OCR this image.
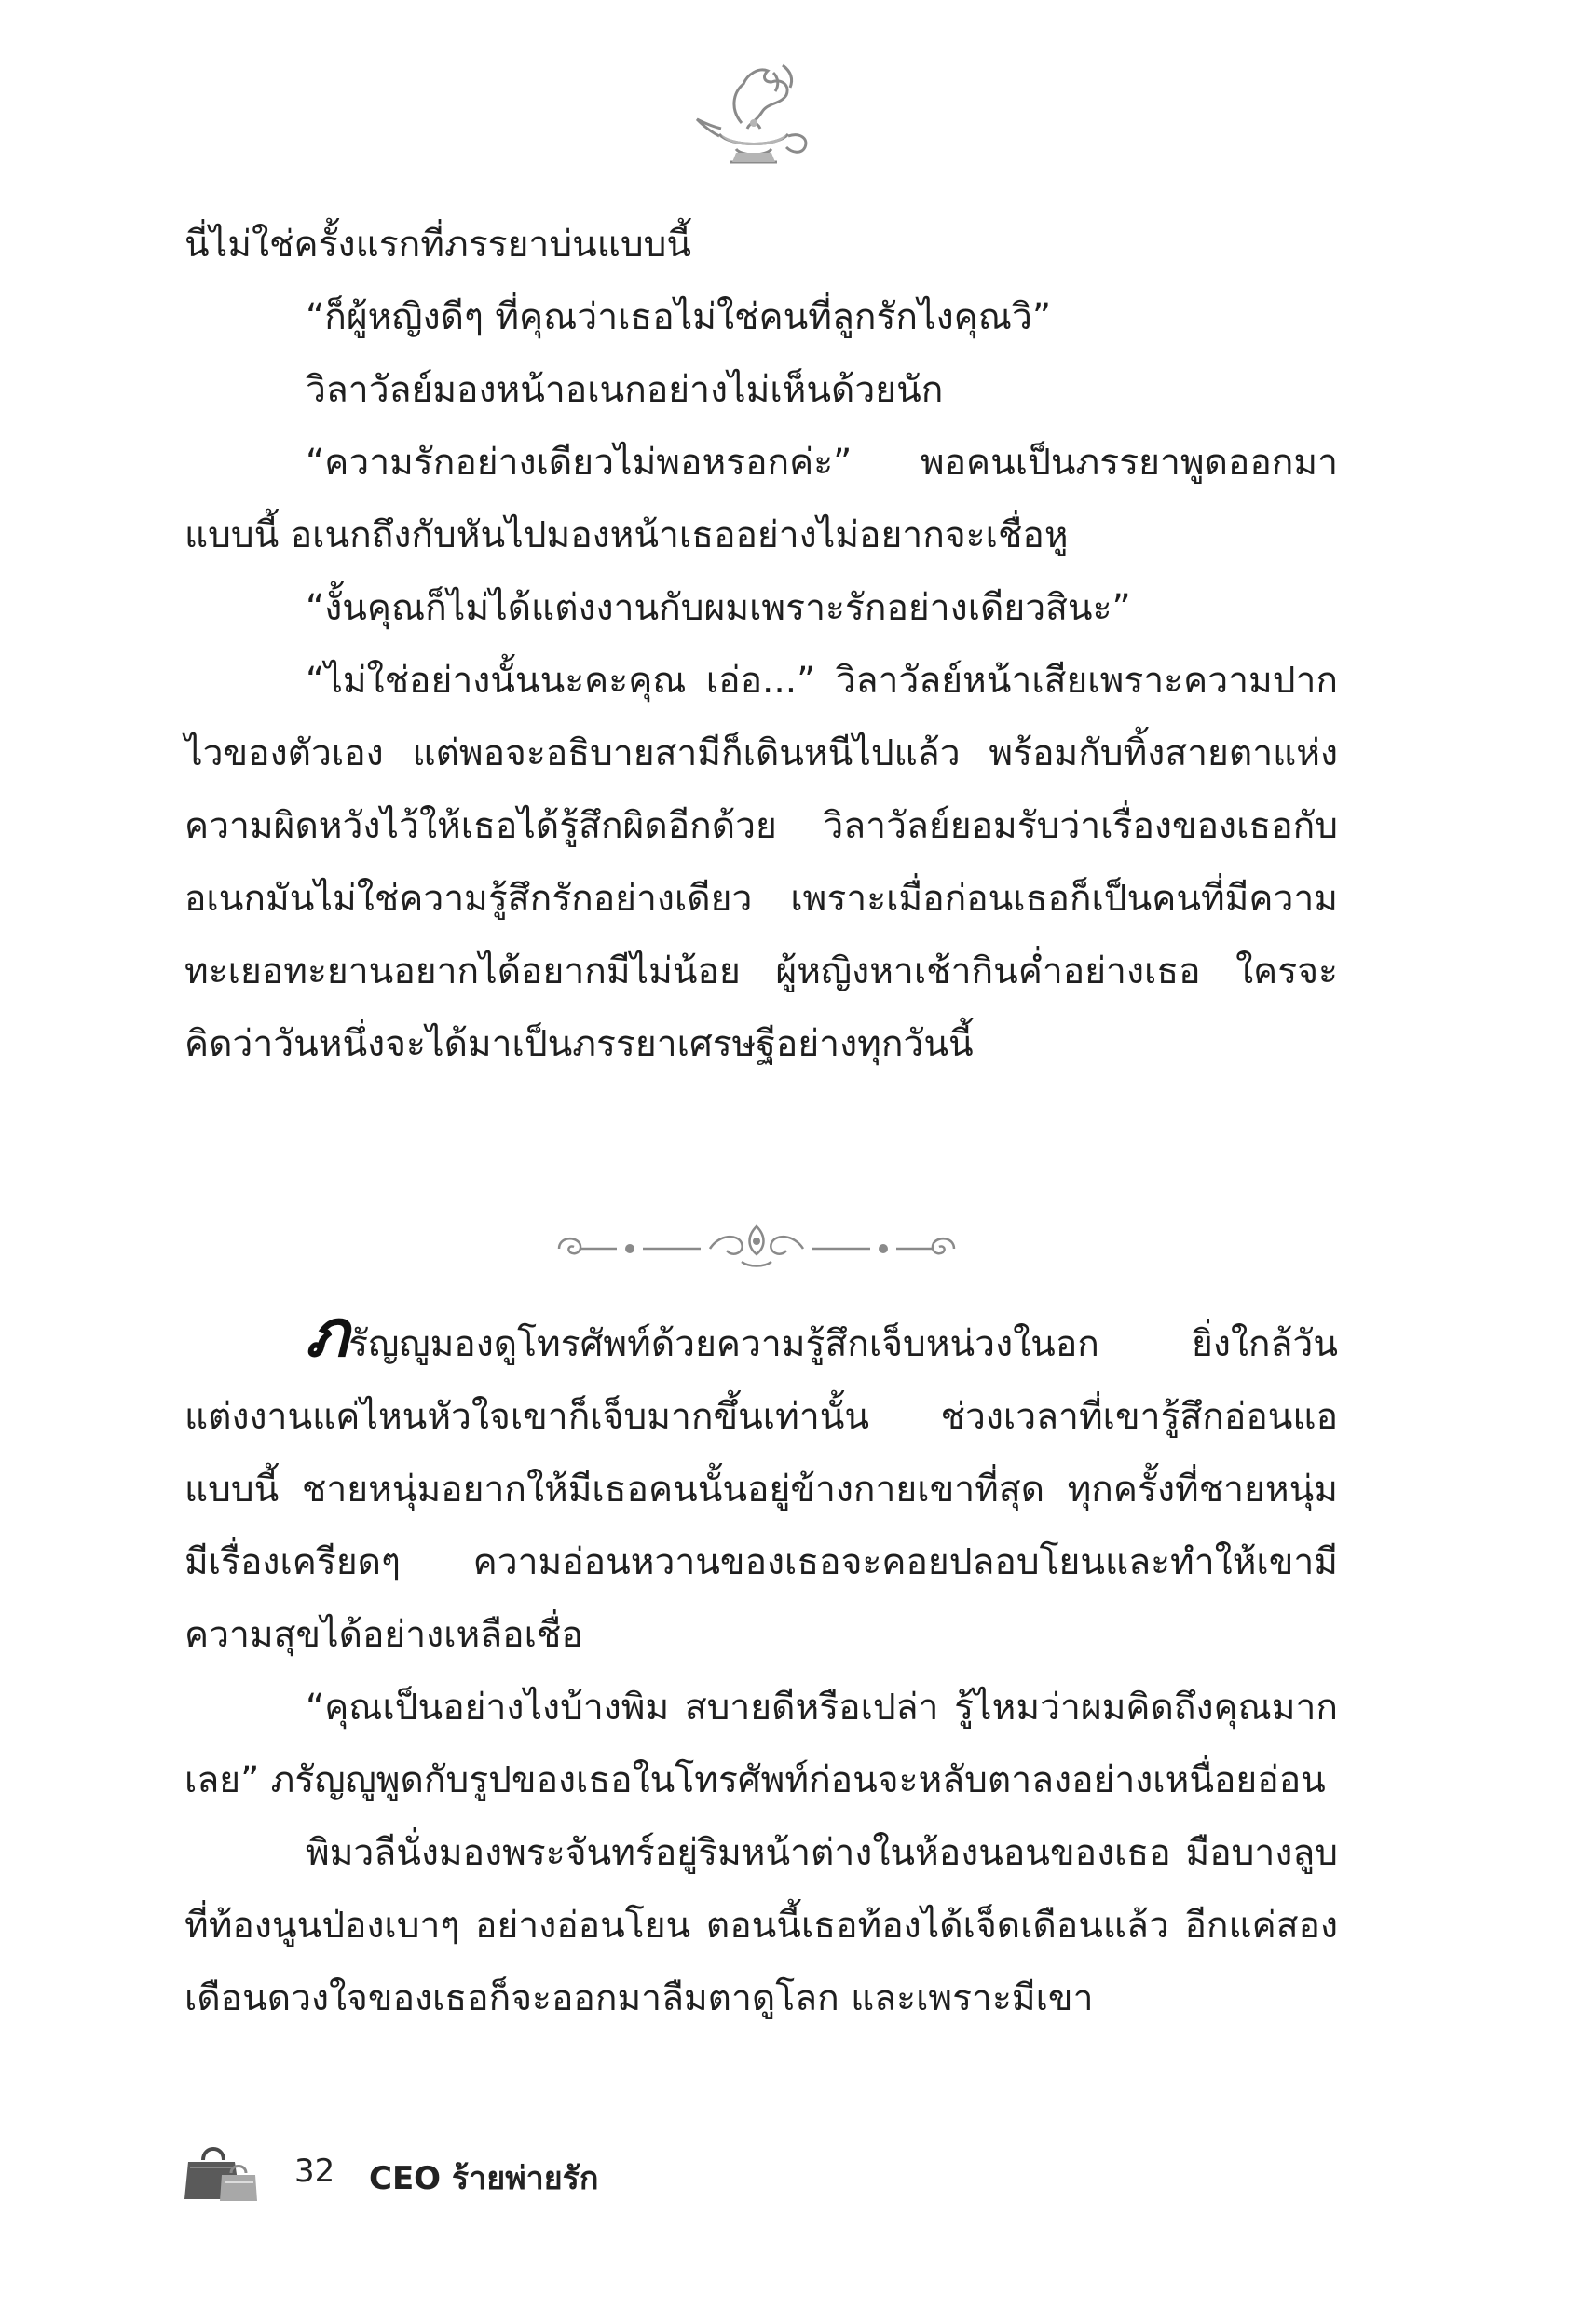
นี่ไม่ใช่ครั้งแรกที่ภรรยาบ่นแบบนี้

“ก็ผู้หญิงดีๆ ที่คุณว่าเธอไม่ใช่คนที่ลูกรักไงคุณวิ”

วิลาวัลย์มองหน้าอเนกอย่างไม่เห็นด้วยนัก

“ความรักอย่างเดียวไม่พอหรอกค่ะ” พอคนเป็นภรรยาพูดออกมาแบบนี้ อเนกถึงกับหันไปมองหน้าเธออย่างไม่อยากจะเชื่อหู

“งั้นคุณก็ไม่ได้แต่งงานกับผมเพราะรักอย่างเดียวสินะ”

“ไม่ใช่อย่างนั้นนะคะคุณ เอ่อ...” วิลาวัลย์หน้าเสียเพราะความปากไวของตัวเอง แต่พอจะอธิบายสามีก็เดินหนีไปแล้ว พร้อมกับทิ้งสายตาแห่งความผิดหวังไว้ให้เธอได้รู้สึกผิดอีกด้วย วิลาวัลย์ยอมรับว่าเรื่องของเธอกับอเนกมันไม่ใช่ความรู้สึกรักอย่างเดียว เพราะเมื่อก่อนเธอก็เป็นคนที่มีความทะเยอทะยานอยากได้อยากมีไม่น้อย ผู้หญิงหาเช้ากินค่ำอย่างเธอ ใครจะคิดว่าวันหนึ่งจะได้มาเป็นภรรยาเศรษฐีอย่างทุกวันนี้

ภรัญญูมองดูโทรศัพท์ด้วยความรู้สึกเจ็บหน่วงในอก ยิ่งใกล้วันแต่งงานแค่ไหนหัวใจเขาก็เจ็บมากขึ้นเท่านั้น ช่วงเวลาที่เขารู้สึกอ่อนแอแบบนี้ ชายหนุ่มอยากให้มีเธอคนนั้นอยู่ข้างกายเขาที่สุด ทุกครั้งที่ชายหนุ่มมีเรื่องเครียดๆ ความอ่อนหวานของเธอจะคอยปลอบโยนและทำให้เขามีความสุขได้อย่างเหลือเชื่อ

“คุณเป็นอย่างไงบ้างพิม สบายดีหรือเปล่า รู้ไหมว่าผมคิดถึงคุณมากเลย” ภรัญญูพูดกับรูปของเธอในโทรศัพท์ก่อนจะหลับตาลงอย่างเหนื่อยอ่อน

พิมวลีนั่งมองพระจันทร์อยู่ริมหน้าต่างในห้องนอนของเธอ มือบางลูบที่ท้องนูนป่องเบาๆ อย่างอ่อนโยน ตอนนี้เธอท้องได้เจ็ดเดือนแล้ว อีกแค่สองเดือนดวงใจของเธอก็จะออกมาลืมตาดูโลก และเพราะมีเขา

32 CEO ร้ายพ่ายรัก
